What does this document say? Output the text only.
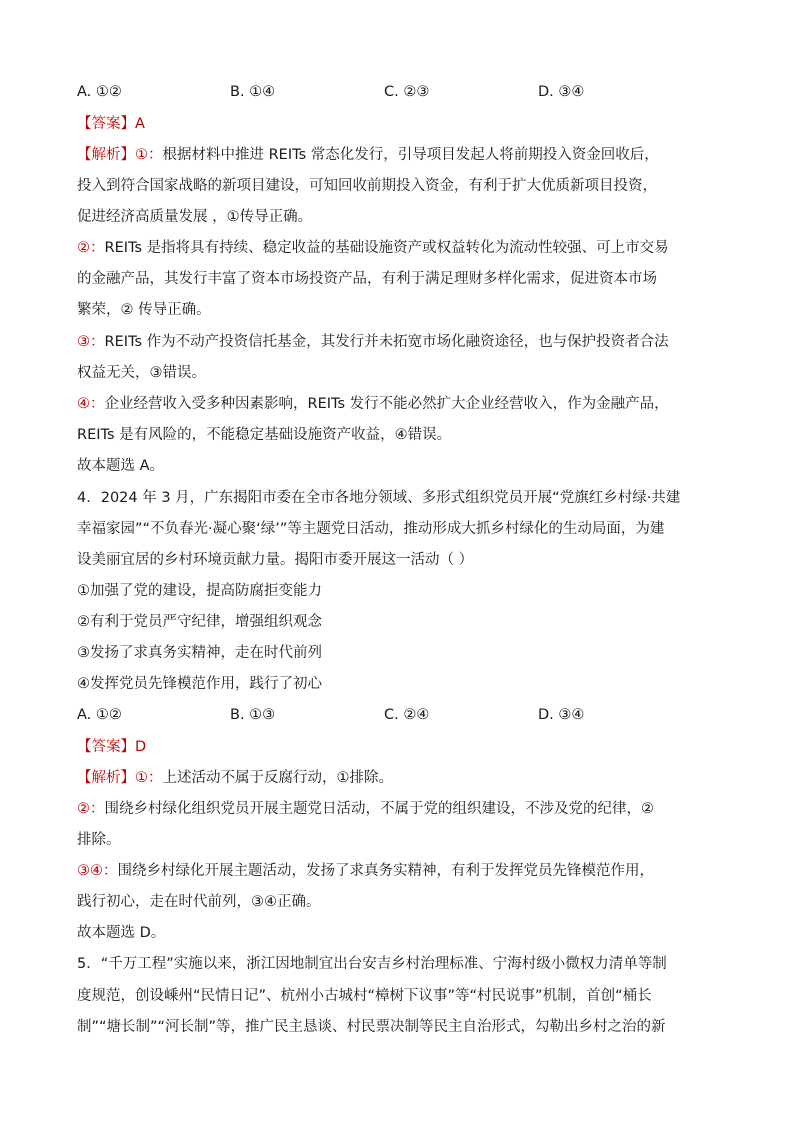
A. ①②	B. ①④	C. ②③	D. ③④
【答案】A
【解析】①：根据材料中推进 REITs 常态化发行，引导项目发起人将前期投入资金回收后，
投入到符合国家战略的新项目建设，可知回收前期投入资金，有利于扩大优质新项目投资，
促进经济高质量发展 ，①传导正确。
②：REITs 是指将具有持续、稳定收益的基础设施资产或权益转化为流动性较强、可上市交易
的金融产品，其发行丰富了资本市场投资产品，有利于满足理财多样化需求，促进资本市场
繁荣，② 传导正确。
③：REITs 作为不动产投资信托基金，其发行并未拓宽市场化融资途径，也与保护投资者合法
权益无关，③错误。
④：企业经营收入受多种因素影响，REITs 发行不能必然扩大企业经营收入，作为金融产品，
REITs 是有风险的，不能稳定基础设施资产收益，④错误。
故本题选 A。
4．2024 年 3 月，广东揭阳市委在全市各地分领域、多形式组织党员开展“党旗红乡村绿·共建
幸福家园”“不负春光·凝心聚‘绿’”等主题党日活动，推动形成大抓乡村绿化的生动局面，为建
设美丽宜居的乡村环境贡献力量。揭阳市委开展这一活动（ ）
①加强了党的建设，提高防腐拒变能力
②有利于党员严守纪律，增强组织观念
③发扬了求真务实精神，走在时代前列
④发挥党员先锋模范作用，践行了初心
A. ①②	B. ①③	C. ②④	D. ③④
【答案】D
【解析】①：上述活动不属于反腐行动，①排除。
②：围绕乡村绿化组织党员开展主题党日活动，不属于党的组织建设，不涉及党的纪律，②
排除。
③④：围绕乡村绿化开展主题活动，发扬了求真务实精神，有利于发挥党员先锋模范作用，
践行初心，走在时代前列，③④正确。
故本题选 D。
5．“千万工程”实施以来，浙江因地制宜出台安吉乡村治理标准、宁海村级小微权力清单等制
度规范，创设嵊州“民情日记”、杭州小古城村“樟树下议事”等“村民说事”机制，首创“桶长
制”“塘长制”“河长制”等，推广民主恳谈、村民票决制等民主自治形式，勾勒出乡村之治的新
